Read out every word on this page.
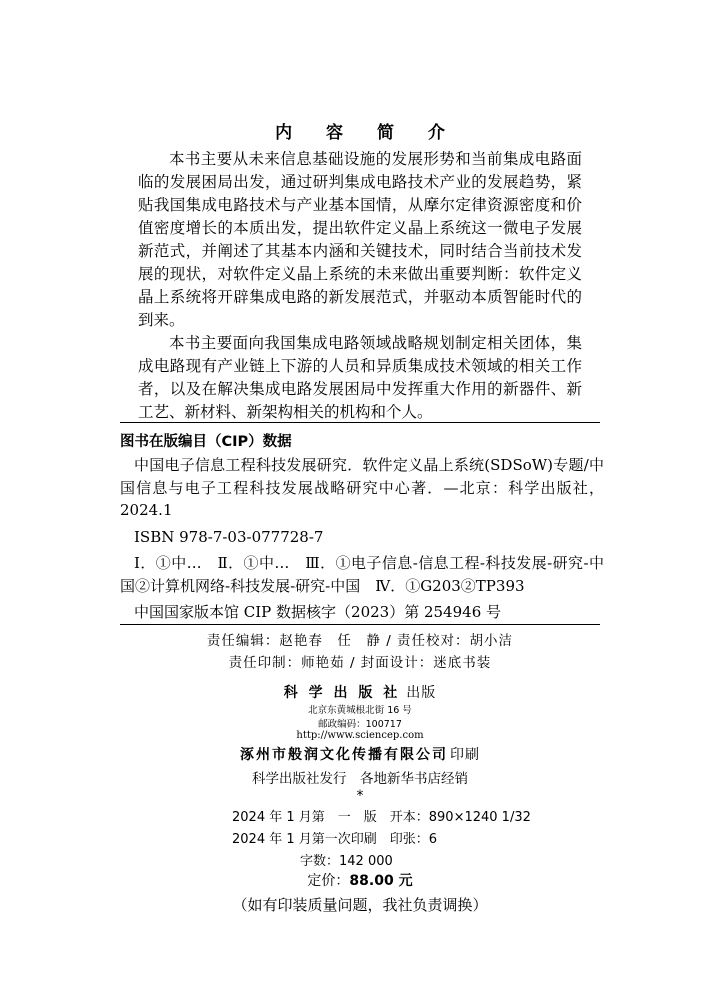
内 容 简 介

本书主要从未来信息基础设施的发展形势和当前集成电路面临的发展困局出发，通过研判集成电路技术产业的发展趋势，紧贴我国集成电路技术与产业基本国情，从摩尔定律资源密度和价值密度增长的本质出发，提出软件定义晶上系统这一微电子发展新范式，并阐述了其基本内涵和关键技术，同时结合当前技术发展的现状，对软件定义晶上系统的未来做出重要判断：软件定义晶上系统将开辟集成电路的新发展范式，并驱动本质智能时代的到来。

本书主要面向我国集成电路领域战略规划制定相关团体，集成电路现有产业链上下游的人员和异质集成技术领域的相关工作者，以及在解决集成电路发展困局中发挥重大作用的新器件、新工艺、新材料、新架构相关的机构和个人。

图书在版编目（CIP）数据

中国电子信息工程科技发展研究．软件定义晶上系统(SDSoW)专题/中国信息与电子工程科技发展战略研究中心著．—北京：科学出版社，2024.1

ISBN 978-7-03-077728-7

Ⅰ．①中…　Ⅱ．①中…　Ⅲ．①电子信息-信息工程-科技发展-研究-中国②计算机网络-科技发展-研究-中国　Ⅳ．①G203②TP393

中国国家版本馆 CIP 数据核字（2023）第 254946 号

责任编辑：赵艳春　任　静 / 责任校对：胡小洁
责任印制：师艳茹 / 封面设计：迷底书装
科 学 出 版 社 出版
北京东黄城根北街 16 号
邮政编码：100717
http://www.sciencep.com
涿州市般润文化传播有限公司 印刷
科学出版社发行　各地新华书店经销
*
2024 年 1 月第　一　版　开本：890×1240 1/32
2024 年 1 月第一次印刷　印张：6
字数：142 000
定价：88.00 元
（如有印装质量问题，我社负责调换）
